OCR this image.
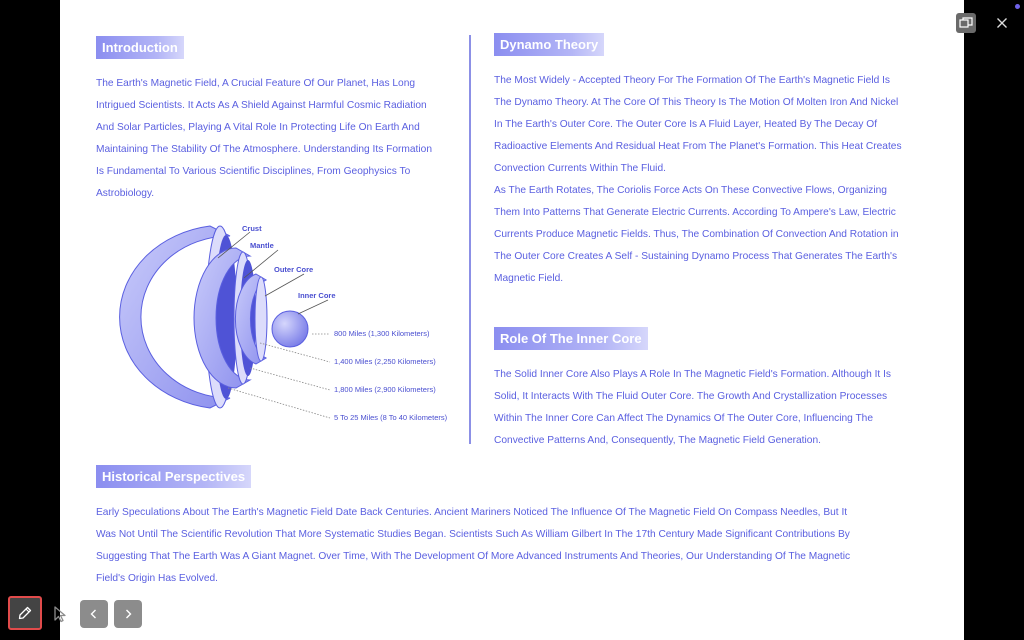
Introduction

The Earth's Magnetic Field, A Crucial Feature Of Our Planet, Has Long
Intrigued Scientists. It Acts As A Shield Against Harmful Cosmic Radiation
And Solar Particles, Playing A Vital Role In Protecting Life On Earth And
Maintaining The Stability Of The Atmosphere. Understanding Its Formation
Is Fundamental To Various Scientific Disciplines, From Geophysics To
Astrobiology.

Crust
Mantle
Outer Core
Inner Core
800 Miles (1,300 Kilometers)
1,400 Miles (2,250 Kilometers)
1,800 Miles (2,900 Kilometers)
5 To 25 Miles (8 To 40 Kilometers)
Dynamo Theory

The Most Widely - Accepted Theory For The Formation Of The Earth's Magnetic Field Is
The Dynamo Theory. At The Core Of This Theory Is The Motion Of Molten Iron And Nickel
In The Earth's Outer Core. The Outer Core Is A Fluid Layer, Heated By The Decay Of
Radioactive Elements And Residual Heat From The Planet's Formation. This Heat Creates
Convection Currents Within The Fluid.
As The Earth Rotates, The Coriolis Force Acts On These Convective Flows, Organizing
Them Into Patterns That Generate Electric Currents. According To Ampere's Law, Electric
Currents Produce Magnetic Fields. Thus, The Combination Of Convection And Rotation in
The Outer Core Creates A Self - Sustaining Dynamo Process That Generates The Earth's
Magnetic Field.

Role Of The Inner Core

The Solid Inner Core Also Plays A Role In The Magnetic Field's Formation. Although It Is
Solid, It Interacts With The Fluid Outer Core. The Growth And Crystallization Processes
Within The Inner Core Can Affect The Dynamics Of The Outer Core, Influencing The
Convective Patterns And, Consequently, The Magnetic Field Generation.

Historical Perspectives

Early Speculations About The Earth's Magnetic Field Date Back Centuries. Ancient Mariners Noticed The Influence Of The Magnetic Field On Compass Needles, But It
Was Not Until The Scientific Revolution That More Systematic Studies Began. Scientists Such As William Gilbert In The 17th Century Made Significant Contributions By
Suggesting That The Earth Was A Giant Magnet. Over Time, With The Development Of More Advanced Instruments And Theories, Our Understanding Of The Magnetic
Field's Origin Has Evolved.
